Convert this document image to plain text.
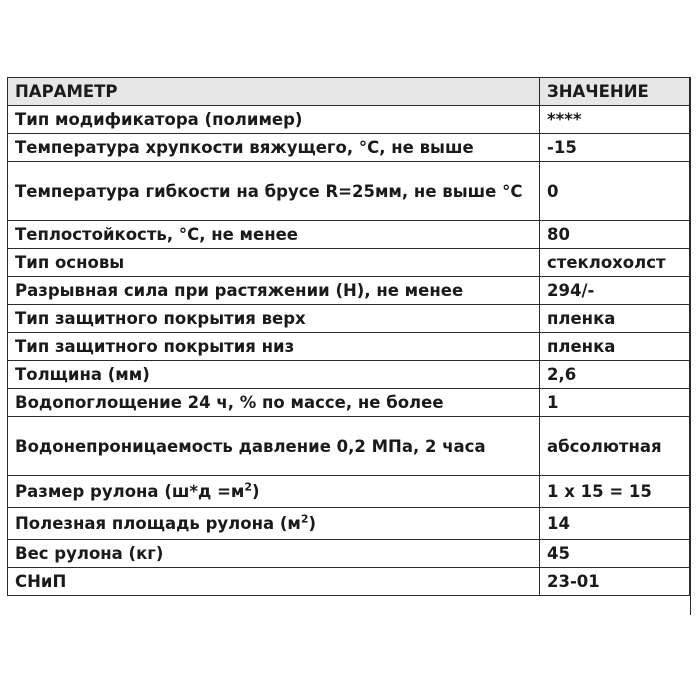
ПАРАМЕТР	ЗНАЧЕНИЕ
Тип модификатора (полимер)	****
Температура хрупкости вяжущего, °С, не выше	-15
Температура гибкости на брусе R=25мм, не выше °С	0
Теплостойкость, °С, не менее	80
Тип основы	стеклохолст
Разрывная сила при растяжении (Н), не менее	294/-
Тип защитного покрытия верх	пленка
Тип защитного покрытия низ	пленка
Толщина (мм)	2,6
Водопоглощение 24 ч, % по массе, не более	1
Водонепроницаемость давление 0,2 МПа, 2 часа	абсолютная
Размер рулона $(ш*д =м^2)$	1 х 15 = 15
Полезная площадь рулона $(м^2)$	14
Вес рулона (кг)	45
СНиП	23-01
